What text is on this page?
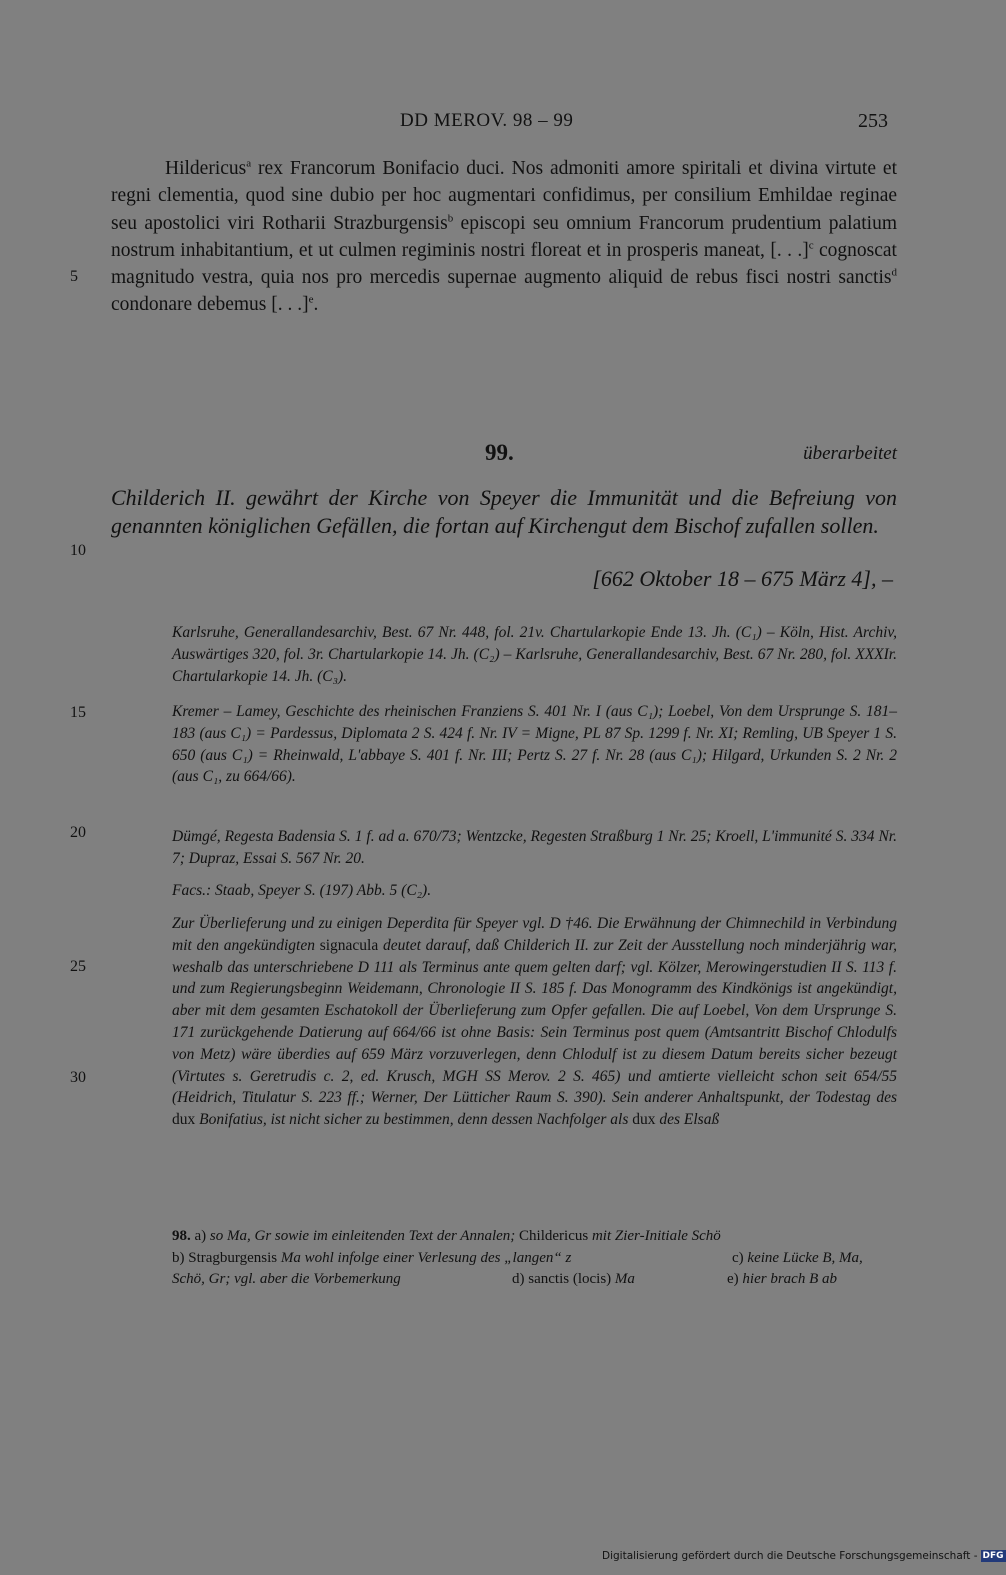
DD MEROV. 98 – 99	253

Hildericus$^a$ rex Francorum Bonifacio duci. Nos admoniti amore spiritali et divina virtute et regni clementia, quod sine dubio per hoc augmentari confidimus, per consilium Emhildae reginae seu apostolici viri Rotharii Strazburgensis$^b$ episcopi seu omnium Francorum prudentium palatium nostrum inhabitantium, et ut culmen regiminis nostri floreat et in prosperis maneat, [. . .]$^c$ cognoscat magnitudo vestra, quia nos pro mercedis supernae augmento aliquid de rebus fisci nostri sanctis$^d$ condonare debemus [. . .]$^e$.

5
10
15
20
25
30
99.	überarbeitet
Childerich II. gewährt der Kirche von Speyer die Immunität und die Befreiung von genannten königlichen Gefällen, die fortan auf Kirchengut dem Bischof zufallen sollen.
[662 Oktober 18 – 675 März 4], –
Karlsruhe, Generallandesarchiv, Best. 67 Nr. 448, fol. 21v. Chartularkopie Ende 13. Jh. (C₁) – Köln, Hist. Archiv, Auswärtiges 320, fol. 3r. Chartularkopie 14. Jh. (C₂) – Karlsruhe, Generallandesarchiv, Best. 67 Nr. 280, fol. XXXIr. Chartularkopie 14. Jh. (C₃).
Kremer – Lamey, Geschichte des rheinischen Franziens S. 401 Nr. I (aus C₁); Loebel, Von dem Ursprunge S. 181–183 (aus C₁) = Pardessus, Diplomata 2 S. 424 f. Nr. IV = Migne, PL 87 Sp. 1299 f. Nr. XI; Remling, UB Speyer 1 S. 650 (aus C₁) = Rheinwald, L'abbaye S. 401 f. Nr. III; Pertz S. 27 f. Nr. 28 (aus C₁); Hilgard, Urkunden S. 2 Nr. 2 (aus C₁, zu 664/66).
Dümgé, Regesta Badensia S. 1 f. ad a. 670/73; Wentzcke, Regesten Straßburg 1 Nr. 25; Kroell, L'immunité S. 334 Nr. 7; Dupraz, Essai S. 567 Nr. 20.
Facs.: Staab, Speyer S. (197) Abb. 5 (C₂).

Zur Überlieferung und zu einigen Deperdita für Speyer vgl. D †46. Die Erwähnung der Chimnechild in Verbindung mit den angekündigten signacula deutet darauf, daß Childerich II. zur Zeit der Ausstellung noch minderjährig war, weshalb das unterschriebene D 111 als Terminus ante quem gelten darf; vgl. Kölzer, Merowingerstudien II S. 113 f. und zum Regierungsbeginn Weidemann, Chronologie II S. 185 f. Das Monogramm des Kindkönigs ist angekündigt, aber mit dem gesamten Eschatokoll der Überlieferung zum Opfer gefallen. Die auf Loebel, Von dem Ursprunge S. 171 zurückgehende Datierung auf 664/66 ist ohne Basis: Sein Terminus post quem (Amtsantritt Bischof Chlodulfs von Metz) wäre überdies auf 659 März vorzuverlegen, denn Chlodulf ist zu diesem Datum bereits sicher bezeugt (Virtutes s. Geretrudis c. 2, ed. Krusch, MGH SS Merov. 2 S. 465) und amtierte vielleicht schon seit 654/55 (Heidrich, Titulatur S. 223 ff.; Werner, Der Lütticher Raum S. 390). Sein anderer Anhaltspunkt, der Todestag des dux Bonifatius, ist nicht sicher zu bestimmen, denn dessen Nachfolger als dux des Elsaß

98. a) so Ma, Gr sowie im einleitenden Text der Annalen; Childericus mit Zier-Initiale Schö
b) Stragburgensis Ma wohl infolge einer Verlesung des „langen“ z	c) keine Lücke B, Ma,
Schö, Gr; vgl. aber die Vorbemerkung	d) sanctis (locis) Ma	e) hier brach B ab
Digitalisierung gefördert durch die Deutsche Forschungsgemeinschaft - DFG
